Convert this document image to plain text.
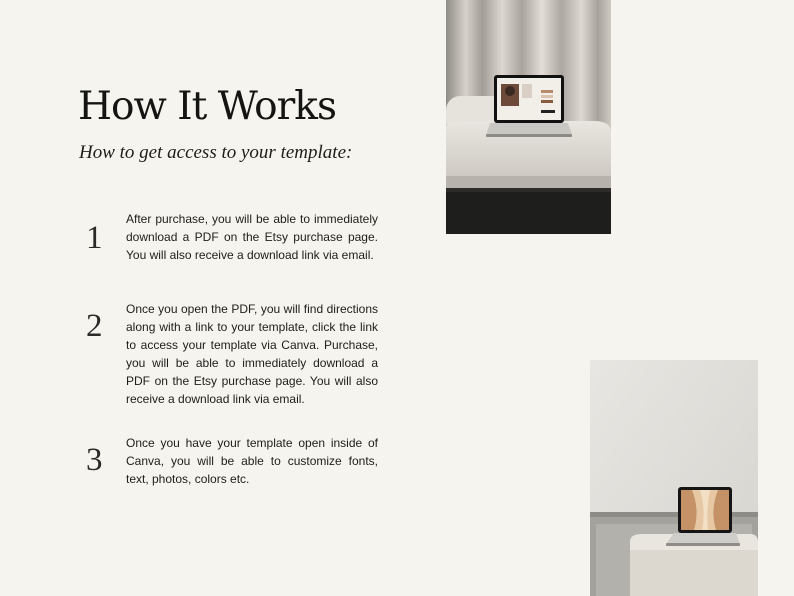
How It Works

How to get access to your template:

1

After purchase, you will be able to immediately download a PDF on the Etsy purchase page. You will also receive a download link via email.

2 Once you open the PDF, you will find directions along with a link to your template, click the link to access your template via Canva. Purchase, you will be able to immediately download a PDF on the Etsy purchase page. You will also receive a download link via email.

3 Once you have your template open inside of Canva, you will be able to customize fonts, text, photos, colors etc.
